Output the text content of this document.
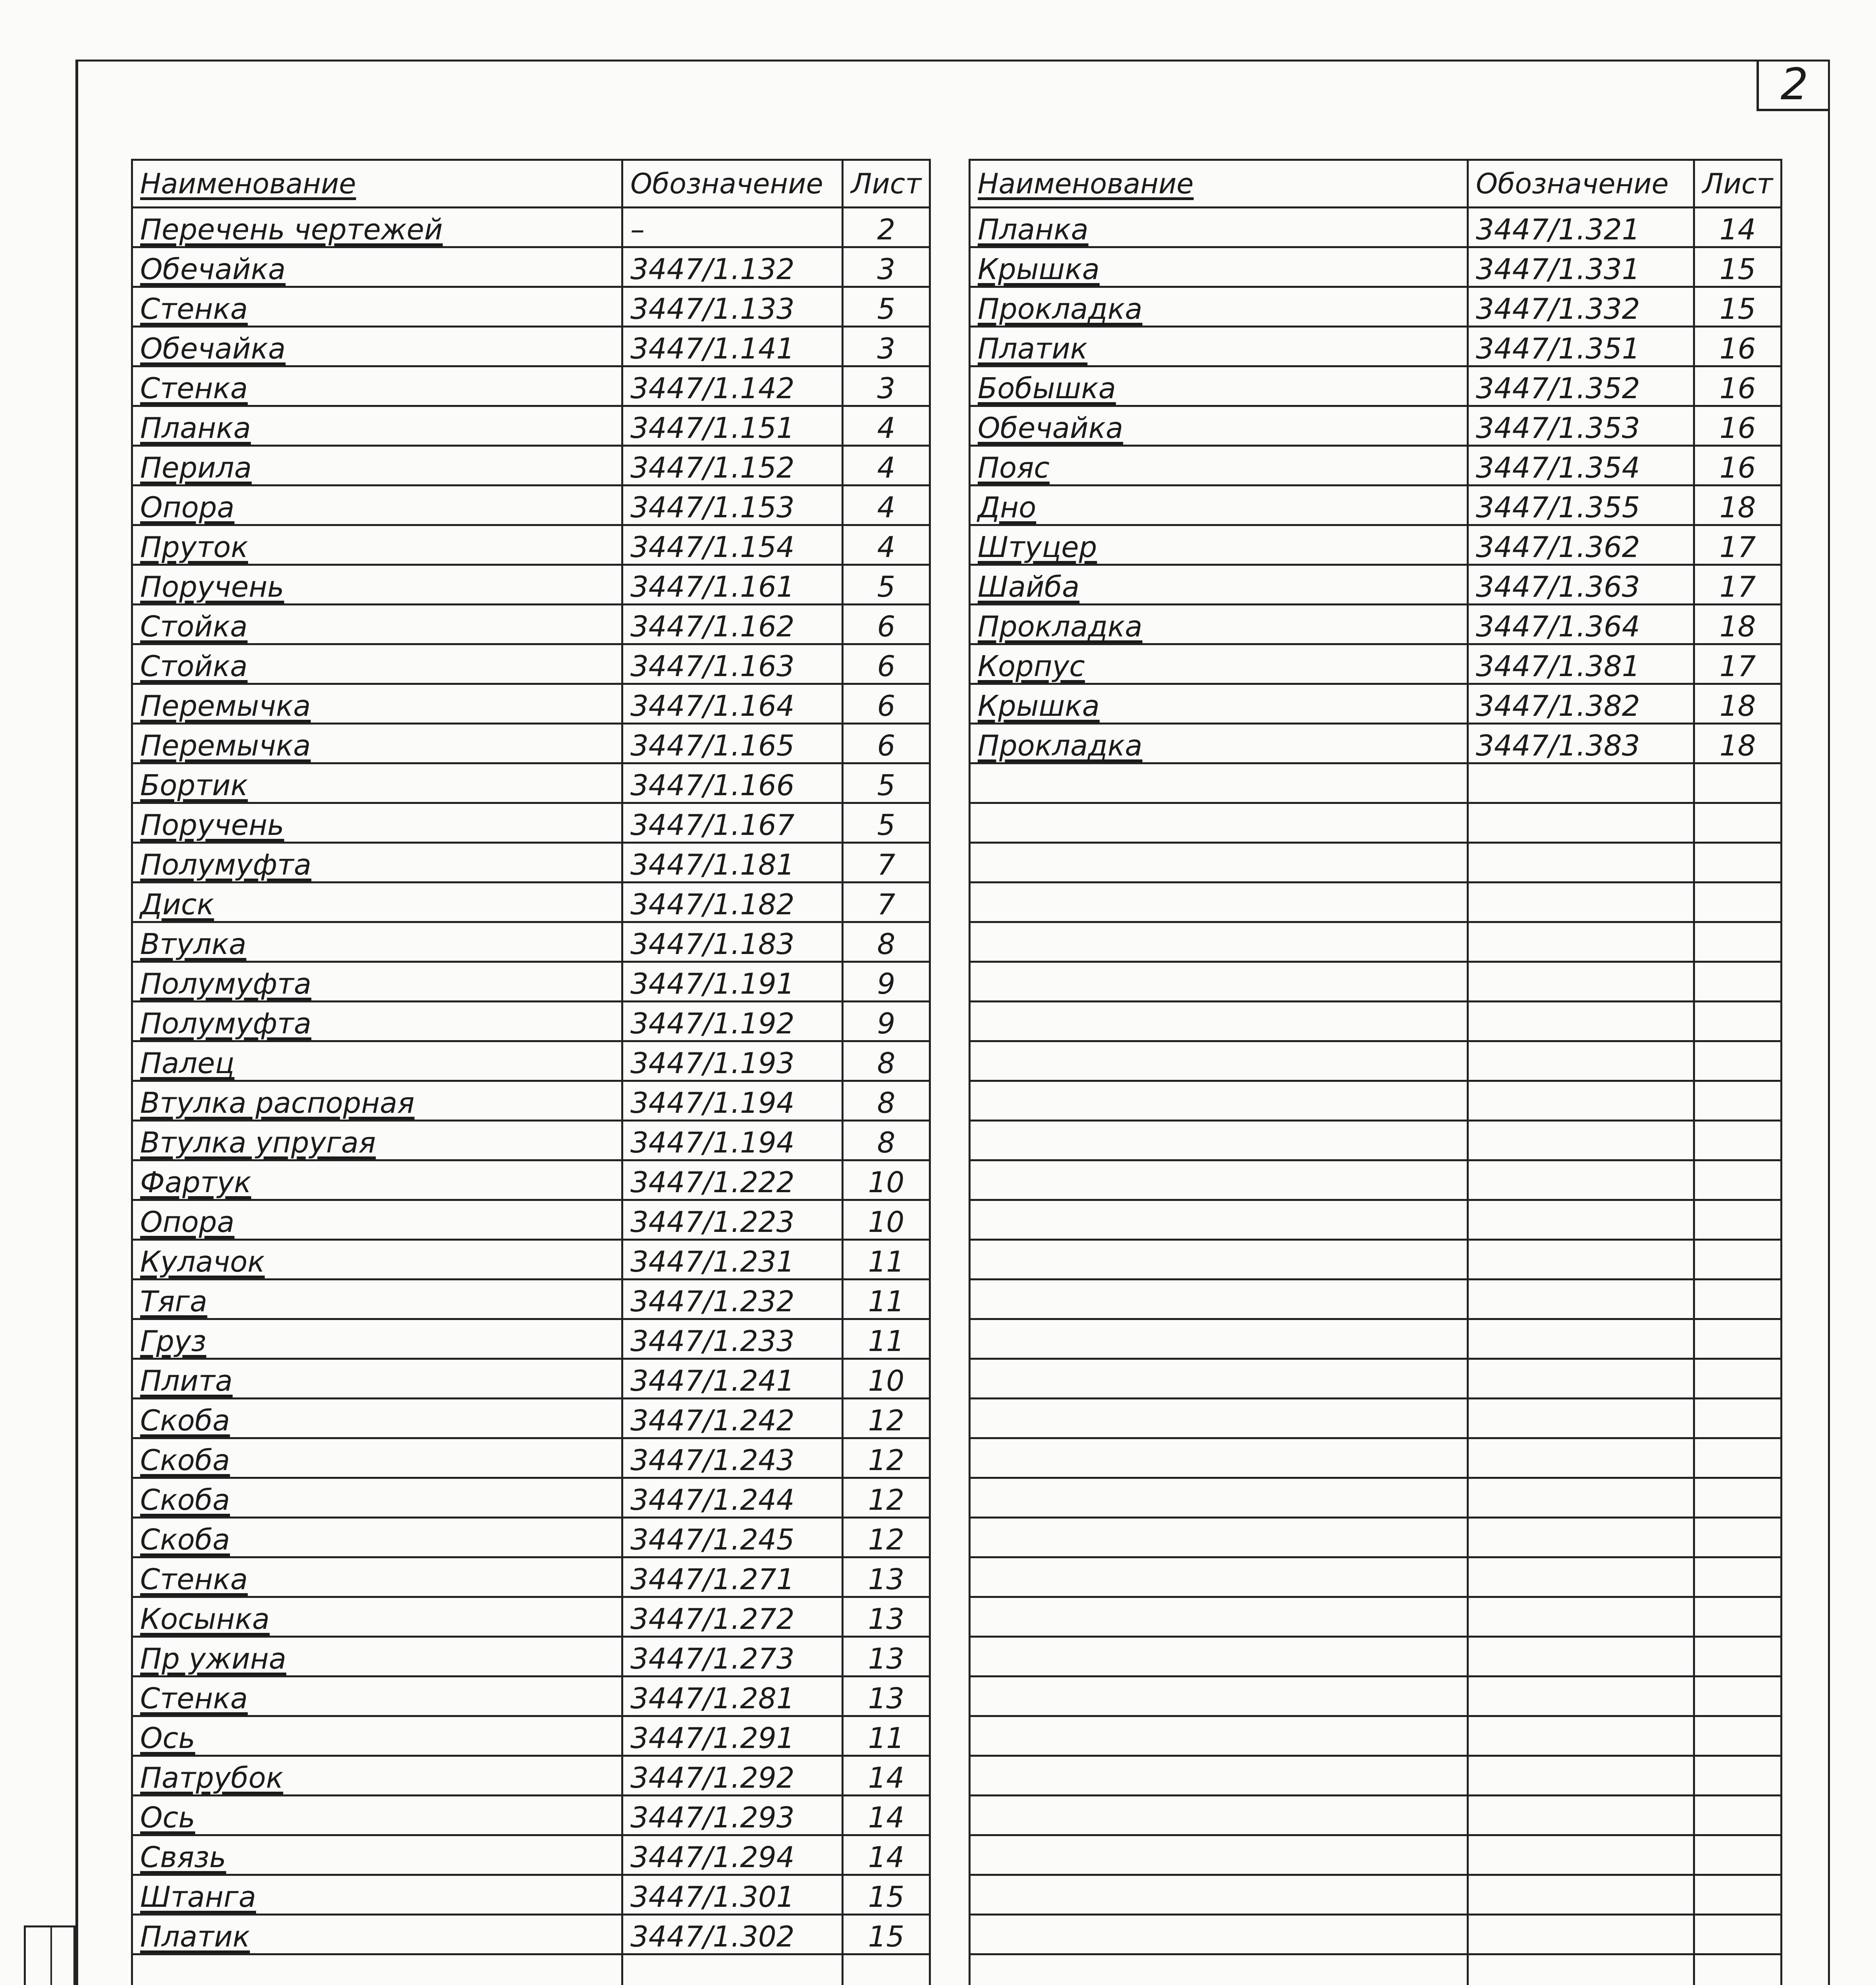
2
Наименование	Обозначение	Лист
Перечень чертежей	–	2
Обечайка	3447/1.132	3
Стенка	3447/1.133	5
Обечайка	3447/1.141	3
Стенка	3447/1.142	3
Планка	3447/1.151	4
Перила	3447/1.152	4
Опора	3447/1.153	4
Пруток	3447/1.154	4
Поручень	3447/1.161	5
Стойка	3447/1.162	6
Стойка	3447/1.163	6
Перемычка	3447/1.164	6
Перемычка	3447/1.165	6
Бортик	3447/1.166	5
Поручень	3447/1.167	5
Полумуфта	3447/1.181	7
Диск	3447/1.182	7
Втулка	3447/1.183	8
Полумуфта	3447/1.191	9
Полумуфта	3447/1.192	9
Палец	3447/1.193	8
Втулка распорная	3447/1.194	8
Втулка упругая	3447/1.194	8
Фартук	3447/1.222	10
Опора	3447/1.223	10
Кулачок	3447/1.231	11
Тяга	3447/1.232	11
Груз	3447/1.233	11
Плита	3447/1.241	10
Скоба	3447/1.242	12
Скоба	3447/1.243	12
Скоба	3447/1.244	12
Скоба	3447/1.245	12
Стенка	3447/1.271	13
Косынка	3447/1.272	13
Пр ужина	3447/1.273	13
Стенка	3447/1.281	13
Ось	3447/1.291	11
Патрубок	3447/1.292	14
Ось	3447/1.293	14
Связь	3447/1.294	14
Штанга	3447/1.301	15
Платик	3447/1.302	15

Наименование	Обозначение	Лист
Планка	3447/1.321	14
Крышка	3447/1.331	15
Прокладка	3447/1.332	15
Платик	3447/1.351	16
Бобышка	3447/1.352	16
Обечайка	3447/1.353	16
Пояс	3447/1.354	16
Дно	3447/1.355	18
Штуцер	3447/1.362	17
Шайба	3447/1.363	17
Прокладка	3447/1.364	18
Корпус	3447/1.381	17
Крышка	3447/1.382	18
Прокладка	3447/1.383	18
